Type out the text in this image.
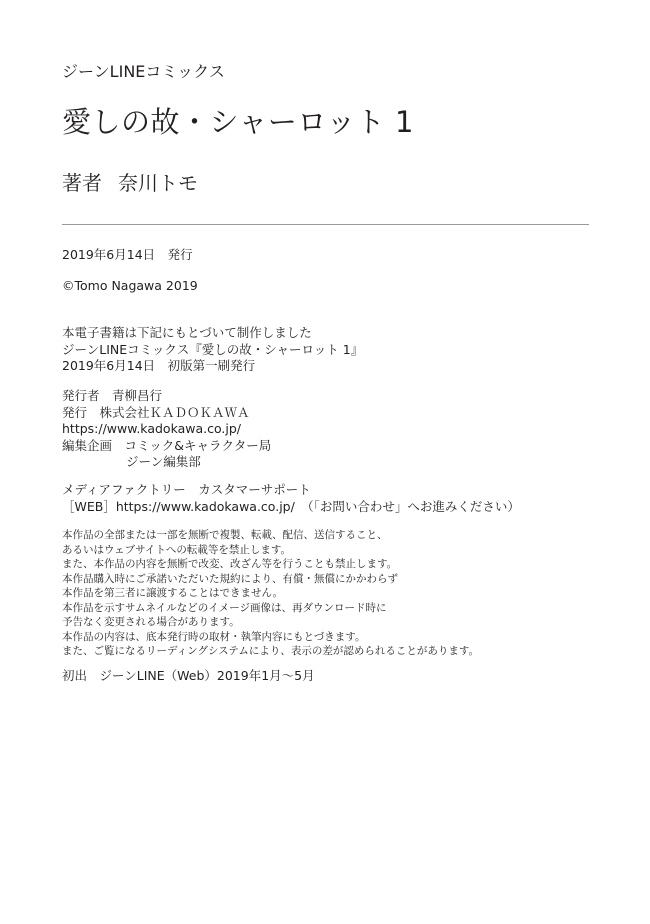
ジーンLINEコミックス
愛しの故・シャーロット 1
著者 奈川トモ
2019年6月14日　発行
©Tomo Nagawa 2019
本電子書籍は下記にもとづいて制作しました
ジーンLINEコミックス『愛しの故・シャーロット 1』
2019年6月14日　初版第一刷発行
発行者　青柳昌行
発行　株式会社ＫＡＤＯＫＡＷＡ
https://www.kadokawa.co.jp/
編集企画　コミック&キャラクター局
ジーン編集部
メディアファクトリー　カスタマーサポート
［WEB］https://www.kadokawa.co.jp/　（「お問い合わせ」へお進みください）
本作品の全部または一部を無断で複製、転載、配信、送信すること、
あるいはウェブサイトへの転載等を禁止します。
また、本作品の内容を無断で改変、改ざん等を行うことも禁止します。
本作品購入時にご承諾いただいた規約により、有償・無償にかかわらず
本作品を第三者に譲渡することはできません。
本作品を示すサムネイルなどのイメージ画像は、再ダウンロード時に
予告なく変更される場合があります。
本作品の内容は、底本発行時の取材・執筆内容にもとづきます。
また、ご覧になるリーディングシステムにより、表示の差が認められることがあります。
初出　ジーンLINE（Web）2019年1月～5月
